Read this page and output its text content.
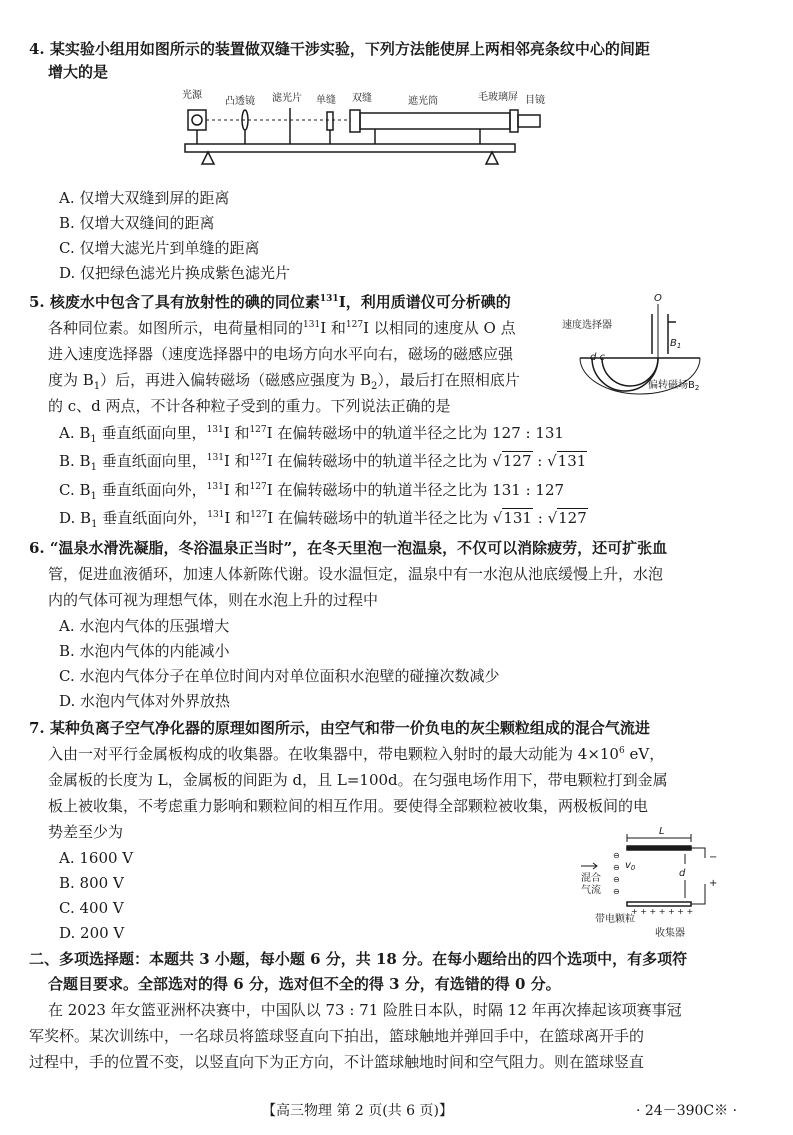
4. 某实验小组用如图所示的装置做双缝干涉实验，下列方法能使屏上两相邻亮条纹中心的间距
增大的是
光源
凸透镜 滤光片 单缝 双缝	遮光筒	毛玻璃屏 目镜
A. 仅增大双缝到屏的距离
B. 仅增大双缝间的距离
C. 仅增大滤光片到单缝的距离
D. 仅把绿色滤光片换成紫色滤光片
5. 核废水中包含了具有放射性的碘的同位素$^{131}$I，利用质谱仪可分析碘的
各种同位素。如图所示，电荷量相同的$^{131}$I 和$^{127}$I 以相同的速度从 O 点
进入速度选择器（速度选择器中的电场方向水平向右，磁场的磁感应强
度为 $B_1$）后，再进入偏转磁场（磁感应强度为 $B_2$），最后打在照相底片
的 c、d 两点，不计各种粒子受到的重力。下列说法正确的是
O
速度选择器
$B_1$
d c
偏转磁场$B_2$
A. $B_1$ 垂直纸面向里，$^{131}$I 和$^{127}$I 在偏转磁场中的轨道半径之比为 127 : 131
B. $B_1$ 垂直纸面向里，$^{131}$I 和$^{127}$I 在偏转磁场中的轨道半径之比为 √127 : √131
C. $B_1$ 垂直纸面向外，$^{131}$I 和$^{127}$I 在偏转磁场中的轨道半径之比为 131 : 127
D. $B_1$ 垂直纸面向外，$^{131}$I 和$^{127}$I 在偏转磁场中的轨道半径之比为 √131 : √127
6. “温泉水滑洗凝脂，冬浴温泉正当时”，在冬天里泡一泡温泉，不仅可以消除疲劳，还可扩张血
管，促进血液循环，加速人体新陈代谢。设水温恒定，温泉中有一水泡从池底缓慢上升，水泡
内的气体可视为理想气体，则在水泡上升的过程中
A. 水泡内气体的压强增大
B. 水泡内气体的内能减小
C. 水泡内气体分子在单位时间内对单位面积水泡壁的碰撞次数减少
D. 水泡内气体对外界放热
7. 某种负离子空气净化器的原理如图所示，由空气和带一价负电的灰尘颗粒组成的混合气流进
入由一对平行金属板构成的收集器。在收集器中，带电颗粒入射时的最大动能为 $4\times 10^6$ eV，
金属板的长度为 L，金属板的间距为 d，且 L=100d。在匀强电场作用下，带电颗粒打到金属
板上被收集，不考虑重力影响和颗粒间的相互作用。要使得全部颗粒被收集，两极板间的电
势差至少为
A. 1600 V
B. 800 V
C. 400 V
D. 200 V
L
d
$v_0$
混合
气流
带电颗粒
收集器
−
+
⊖
⊖
⊖
⊖
+ + + + + + +
二、多项选择题：本题共 3 小题，每小题 6 分，共 18 分。在每小题给出的四个选项中，有多项符
合题目要求。全部选对的得 6 分，选对但不全的得 3 分，有选错的得 0 分。
在 2023 年女篮亚洲杯决赛中，中国队以 73 : 71 险胜日本队，时隔 12 年再次捧起该项赛事冠
军奖杯。某次训练中，一名球员将篮球竖直向下拍出，篮球触地并弹回手中，在篮球离开手的
过程中，手的位置不变，以竖直向下为正方向，不计篮球触地时间和空气阻力。则在篮球竖直
【高三物理 第 2 页(共 6 页)】	· 24－390C※ ·
